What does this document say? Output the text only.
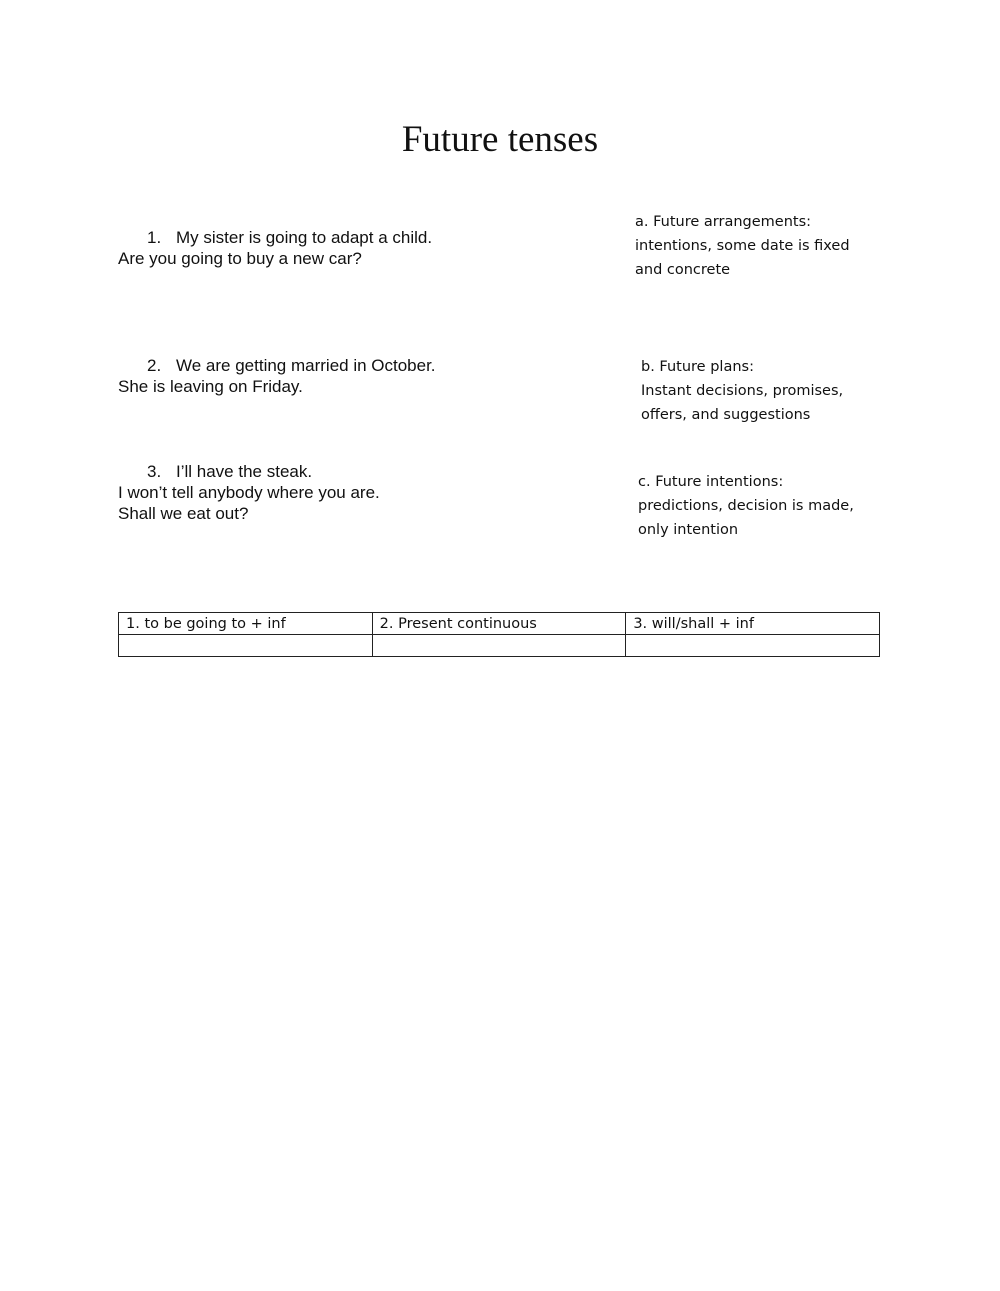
Future tenses
1. My sister is going to adapt a child.
Are you going to buy a new car?
2. We are getting married in October.
She is leaving on Friday.
3. I’ll have the steak.
I won’t tell anybody where you are.
Shall we eat out?
a. Future arrangements:
intentions, some date is fixed
and concrete
b. Future plans:
Instant decisions, promises,
offers, and suggestions
c. Future intentions:
predictions, decision is made,
only intention
1. to be going to + inf	2. Present continuous	3. will/shall + inf
